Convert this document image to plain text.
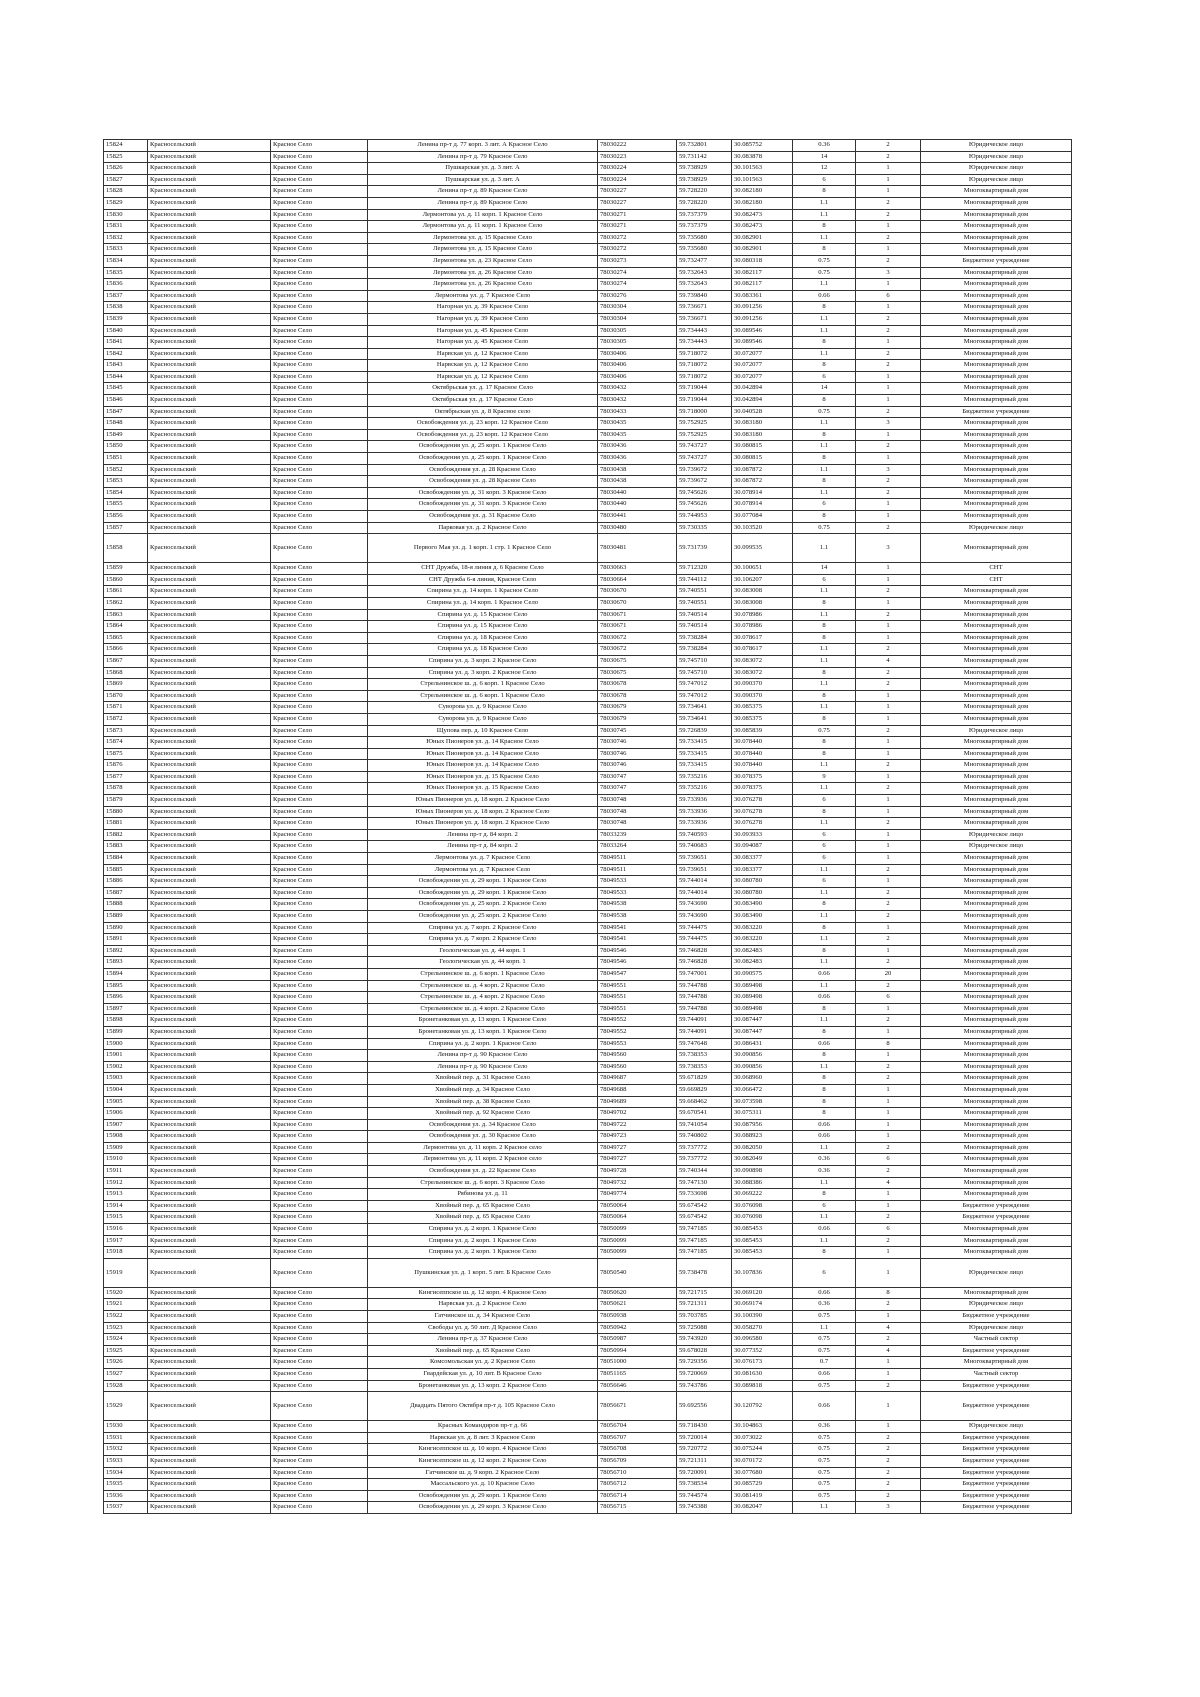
15824	Красносельский	Красное Село	Ленина пр-т д. 77 корп. 3 лит. А Красное Село	78030222	59.732801	30.085752	0.36	2	Юридическое лицо
15825	Красносельский	Красное Село	Ленина пр-т д. 79 Красное Село	78030223	59.731142	30.083878	14	2	Юридическое лицо
15826	Красносельский	Красное Село	Пушкарская ул. д. 3 лит. А	78030224	59.738929	30.101563	12	1	Юридическое лицо
15827	Красносельский	Красное Село	Пушкарская ул. д. 3 лит. А	78030224	59.738929	30.101563	6	1	Юридическое лицо
15828	Красносельский	Красное Село	Ленина пр-т д. 89 Красное Село	78030227	59.728220	30.082180	8	1	Многоквартирный дом
15829	Красносельский	Красное Село	Ленина пр-т д. 89 Красное Село	78030227	59.728220	30.082180	1.1	2	Многоквартирный дом
15830	Красносельский	Красное Село	Лермонтова ул. д. 11 корп. 1 Красное Село	78030271	59.737379	30.082473	1.1	2	Многоквартирный дом
15831	Красносельский	Красное Село	Лермонтова ул. д. 11 корп. 1 Красное Село	78030271	59.737379	30.082473	8	1	Многоквартирный дом
15832	Красносельский	Красное Село	Лермонтова ул. д. 15 Красное Село	78030272	59.735680	30.082901	1.1	2	Многоквартирный дом
15833	Красносельский	Красное Село	Лермонтова ул. д. 15 Красное Село	78030272	59.735680	30.082901	8	1	Многоквартирный дом
15834	Красносельский	Красное Село	Лермонтова ул. д. 23 Красное Село	78030273	59.732477	30.080318	0.75	2	Бюджетное учреждение
15835	Красносельский	Красное Село	Лермонтова ул. д. 26 Красное Село	78030274	59.732643	30.082117	0.75	3	Многоквартирный дом
15836	Красносельский	Красное Село	Лермонтова ул. д. 26 Красное Село	78030274	59.732643	30.082117	1.1	1	Многоквартирный дом
15837	Красносельский	Красное Село	Лермонтова ул. д. 7 Красное Село	78030276	59.739840	30.083361	0.66	6	Многоквартирный дом
15838	Красносельский	Красное Село	Нагорная ул. д. 39 Красное Село	78030304	59.736671	30.091256	8	1	Многоквартирный дом
15839	Красносельский	Красное Село	Нагорная ул. д. 39 Красное Село	78030304	59.736671	30.091256	1.1	2	Многоквартирный дом
15840	Красносельский	Красное Село	Нагорная ул. д. 45 Красное Село	78030305	59.734443	30.089546	1.1	2	Многоквартирный дом
15841	Красносельский	Красное Село	Нагорная ул. д. 45 Красное Село	78030305	59.734443	30.089546	8	1	Многоквартирный дом
15842	Красносельский	Красное Село	Нарвская ул. д. 12 Красное Село	78030406	59.718072	30.072077	1.1	2	Многоквартирный дом
15843	Красносельский	Красное Село	Нарвская ул. д. 12 Красное Село	78030406	59.718072	30.072077	8	2	Многоквартирный дом
15844	Красносельский	Красное Село	Нарвская ул. д. 12 Красное Село	78030406	59.718072	30.072077	6	1	Многоквартирный дом
15845	Красносельский	Красное Село	Октябрьская ул. д. 17 Красное Село	78030432	59.719044	30.042894	14	1	Многоквартирный дом
15846	Красносельский	Красное Село	Октябрьская ул. д. 17 Красное Село	78030432	59.719044	30.042894	8	1	Многоквартирный дом
15847	Красносельский	Красное Село	Октябрьская ул. д. 8 Красное село	78030433	59.718000	30.040528	0.75	2	Бюджетное учреждение
15848	Красносельский	Красное Село	Освобождения ул. д. 23 корп. 12 Красное Село	78030435	59.752925	30.083180	1.1	3	Многоквартирный дом
15849	Красносельский	Красное Село	Освобождения ул. д. 23 корп. 12 Красное Село	78030435	59.752925	30.083180	8	1	Многоквартирный дом
15850	Красносельский	Красное Село	Освобождения ул. д. 25 корп. 1 Красное Село	78030436	59.743727	30.080815	1.1	2	Многоквартирный дом
15851	Красносельский	Красное Село	Освобождения ул. д. 25 корп. 1 Красное Село	78030436	59.743727	30.080815	8	1	Многоквартирный дом
15852	Красносельский	Красное Село	Освобождения ул. д. 28 Красное Село	78030438	59.739672	30.087872	1.1	3	Многоквартирный дом
15853	Красносельский	Красное Село	Освобождения ул. д. 28 Красное Село	78030438	59.739672	30.087872	8	2	Многоквартирный дом
15854	Красносельский	Красное Село	Освобождения ул. д. 31 корп. 3 Красное Село	78030440	59.745626	30.078914	1.1	2	Многоквартирный дом
15855	Красносельский	Красное Село	Освобождения ул. д. 31 корп. 3 Красное Село	78030440	59.745626	30.078914	6	1	Многоквартирный дом
15856	Красносельский	Красное Село	Освобождения ул. д. 31 Красное Село	78030441	59.744953	30.077084	8	1	Многоквартирный дом
15857	Красносельский	Красное Село	Парковая ул. д. 2 Красное Село	78030480	59.730335	30.103520	0.75	2	Юридическое лицо
15858	Красносельский	Красное Село	Первого Мая ул. д. 1 корп. 1 стр. 1 Красное Село	78030481	59.731739	30.099535	1.1	3	Многоквартирный дом
15859	Красносельский	Красное Село	СНТ Дружба, 18-я линия д. 6 Красное Село	78030663	59.712320	30.100651	14	1	СНТ
15860	Красносельский	Красное Село	СНТ Дружба 6-я линия, Красное Село	78030664	59.744112	30.106207	6	1	СНТ
15861	Красносельский	Красное Село	Спирина ул. д. 14 корп. 1 Красное Село	78030670	59.740551	30.083008	1.1	2	Многоквартирный дом
15862	Красносельский	Красное Село	Спирина ул. д. 14 корп. 1 Красное Село	78030670	59.740551	30.083008	8	1	Многоквартирный дом
15863	Красносельский	Красное Село	Спирина ул. д. 15 Красное Село	78030671	59.740514	30.078986	1.1	2	Многоквартирный дом
15864	Красносельский	Красное Село	Спирина ул. д. 15 Красное Село	78030671	59.740514	30.078986	8	1	Многоквартирный дом
15865	Красносельский	Красное Село	Спирина ул. д. 18 Красное Село	78030672	59.738284	30.078617	8	1	Многоквартирный дом
15866	Красносельский	Красное Село	Спирина ул. д. 18 Красное Село	78030672	59.738284	30.078617	1.1	2	Многоквартирный дом
15867	Красносельский	Красное Село	Спирина ул. д. 3 корп. 2 Красное Село	78030675	59.745710	30.083072	1.1	4	Многоквартирный дом
15868	Красносельский	Красное Село	Спирина ул. д. 3 корп. 2 Красное Село	78030675	59.745710	30.083072	8	2	Многоквартирный дом
15869	Красносельский	Красное Село	Стрельнинское ш. д. 6 корп. 1 Красное Село	78030678	59.747012	30.090370	1.1	2	Многоквартирный дом
15870	Красносельский	Красное Село	Стрельнинское ш. д. 6 корп. 1 Красное Село	78030678	59.747012	30.090370	8	1	Многоквартирный дом
15871	Красносельский	Красное Село	Суворова ул. д. 9 Красное Село	78030679	59.734641	30.085375	1.1	1	Многоквартирный дом
15872	Красносельский	Красное Село	Суворова ул. д. 9 Красное Село	78030679	59.734641	30.085375	8	1	Многоквартирный дом
15873	Красносельский	Красное Село	Щупова пер. д. 10 Красное Село	78030745	59.726839	30.085839	0.75	2	Юридическое лицо
15874	Красносельский	Красное Село	Юных Пионеров ул. д. 14 Красное Село	78030746	59.733415	30.078440	8	1	Многоквартирный дом
15875	Красносельский	Красное Село	Юных Пионеров ул. д. 14 Красное Село	78030746	59.733415	30.078440	8	1	Многоквартирный дом
15876	Красносельский	Красное Село	Юных Пионеров ул. д. 14 Красное Село	78030746	59.733415	30.078440	1.1	2	Многоквартирный дом
15877	Красносельский	Красное Село	Юных Пионеров ул. д. 15 Красное Село	78030747	59.735216	30.078375	9	1	Многоквартирный дом
15878	Красносельский	Красное Село	Юных Пионеров ул. д. 15 Красное Село	78030747	59.735216	30.078375	1.1	2	Многоквартирный дом
15879	Красносельский	Красное Село	Юных Пионеров ул. д. 18 корп. 2 Красное Село	78030748	59.733936	30.076278	6	1	Многоквартирный дом
15880	Красносельский	Красное Село	Юных Пионеров ул. д. 18 корп. 2 Красное Село	78030748	59.733936	30.076278	8	1	Многоквартирный дом
15881	Красносельский	Красное Село	Юных Пионеров ул. д. 18 корп. 2 Красное Село	78030748	59.733936	30.076278	1.1	2	Многоквартирный дом
15882	Красносельский	Красное Село	Ленина пр-т д. 84 корп. 2	78033239	59.740593	30.093933	6	1	Юридическое лицо
15883	Красносельский	Красное Село	Ленина пр-т д. 84 корп. 2	78033264	59.740683	30.094087	6	1	Юридическое лицо
15884	Красносельский	Красное Село	Лермонтова ул. д. 7 Красное Село	78049511	59.739651	30.083377	6	1	Многоквартирный дом
15885	Красносельский	Красное Село	Лермонтова ул. д. 7 Красное Село	78049511	59.739651	30.083377	1.1	2	Многоквартирный дом
15886	Красносельский	Красное Село	Освобождения ул. д. 29 корп. 1 Красное Село	78049533	59.744014	30.080780	6	1	Многоквартирный дом
15887	Красносельский	Красное Село	Освобождения ул. д. 29 корп. 1 Красное Село	78049533	59.744014	30.080780	1.1	2	Многоквартирный дом
15888	Красносельский	Красное Село	Освобождения ул. д. 25 корп. 2 Красное Село	78049538	59.743690	30.083490	8	2	Многоквартирный дом
15889	Красносельский	Красное Село	Освобождения ул. д. 25 корп. 2 Красное Село	78049538	59.743690	30.083490	1.1	2	Многоквартирный дом
15890	Красносельский	Красное Село	Спирина ул. д. 7 корп. 2 Красное Село	78049541	59.744475	30.083220	8	1	Многоквартирный дом
15891	Красносельский	Красное Село	Спирина ул. д. 7 корп. 2 Красное Село	78049541	59.744475	30.083220	1.1	2	Многоквартирный дом
15892	Красносельский	Красное Село	Геологическая ул. д. 44 корп. 1	78049546	59.746828	30.082483	8	1	Многоквартирный дом
15893	Красносельский	Красное Село	Геологическая ул. д. 44 корп. 1	78049546	59.746828	30.082483	1.1	2	Многоквартирный дом
15894	Красносельский	Красное Село	Стрельнинское ш. д. 6 корп. 1 Красное Село	78049547	59.747001	30.090575	0.66	20	Многоквартирный дом
15895	Красносельский	Красное Село	Стрельнинское ш. д. 4 корп. 2 Красное Село	78049551	59.744788	30.089498	1.1	2	Многоквартирный дом
15896	Красносельский	Красное Село	Стрельнинское ш. д. 4 корп. 2 Красное Село	78049551	59.744788	30.089498	0.66	6	Многоквартирный дом
15897	Красносельский	Красное Село	Стрельнинское ш. д. 4 корп. 2 Красное Село	78049551	59.744788	30.089498	8	1	Многоквартирный дом
15898	Красносельский	Красное Село	Бронетанковая ул. д. 13 корп. 1 Красное Село	78049552	59.744091	30.087447	1.1	2	Многоквартирный дом
15899	Красносельский	Красное Село	Бронетанковая ул. д. 13 корп. 1 Красное Село	78049552	59.744091	30.087447	8	1	Многоквартирный дом
15900	Красносельский	Красное Село	Спирина ул. д. 2 корп. 1 Красное Село	78049553	59.747648	30.086431	0.66	8	Многоквартирный дом
15901	Красносельский	Красное Село	Ленина пр-т д. 90 Красное Село	78049560	59.738353	30.090856	8	1	Многоквартирный дом
15902	Красносельский	Красное Село	Ленина пр-т д. 90 Красное Село	78049560	59.738353	30.090856	1.1	2	Многоквартирный дом
15903	Красносельский	Красное Село	Хвойный пер. д. 31 Красное Село	78049687	59.671829	30.068960	8	2	Многоквартирный дом
15904	Красносельский	Красное Село	Хвойный пер. д. 34 Красное Село	78049688	59.669829	30.066472	8	1	Многоквартирный дом
15905	Красносельский	Красное Село	Хвойный пер. д. 38 Красное Село	78049689	59.668462	30.073598	8	1	Многоквартирный дом
15906	Красносельский	Красное Село	Хвойный пер. д. 92 Красное Село	78049702	59.670541	30.075311	8	1	Многоквартирный дом
15907	Красносельский	Красное Село	Освобождения ул. д. 34 Красное Село	78049722	59.741054	30.087956	0.66	1	Многоквартирный дом
15908	Красносельский	Красное Село	Освобождения ул. д. 30 Красное Село	78049723	59.740802	30.088923	0.66	1	Многоквартирный дом
15909	Красносельский	Красное Село	Лермонтова ул. д. 11 корп. 2 Красное село	78049727	59.737772	30.082050	1.1	2	Многоквартирный дом
15910	Красносельский	Красное Село	Лермонтова ул. д. 11 корп. 2 Красное село	78049727	59.737772	30.082049	0.36	6	Многоквартирный дом
15911	Красносельский	Красное Село	Освобождения ул. д. 22 Красное Село	78049728	59.740344	30.090898	0.36	2	Многоквартирный дом
15912	Красносельский	Красное Село	Стрельнинское ш. д. 6 корп. 3 Красное Село	78049732	59.747130	30.088386	1.1	4	Многоквартирный дом
15913	Красносельский	Красное Село	Рябинова ул. д. 11	78049774	59.733698	30.069222	8	1	Многоквартирный дом
15914	Красносельский	Красное Село	Хвойный пер. д. 65 Красное Село	78050064	59.674542	30.076098	6	1	Бюджетное учреждение
15915	Красносельский	Красное Село	Хвойный пер. д. 65 Красное Село	78050064	59.674542	30.076098	1.1	2	Бюджетное учреждение
15916	Красносельский	Красное Село	Спирина ул. д. 2 корп. 1 Красное Село	78050099	59.747185	30.085453	0.66	6	Многоквартирный дом
15917	Красносельский	Красное Село	Спирина ул. д. 2 корп. 1 Красное Село	78050099	59.747185	30.085453	1.1	2	Многоквартирный дом
15918	Красносельский	Красное Село	Спирина ул. д. 2 корп. 1 Красное Село	78050099	59.747185	30.085453	8	1	Многоквартирный дом
15919	Красносельский	Красное Село	Пушкинская ул. д. 1 корп. 5 лит. Б Красное Село	78050540	59.738478	30.107836	6	1	Юридическое лицо
15920	Красносельский	Красное Село	Кингисеппское ш. д. 12 корп. 4 Красное Село	78050620	59.721715	30.069120	0.66	8	Многоквартирный дом
15921	Красносельский	Красное Село	Нарвская ул. д. 2 Красное Село	78050621	59.721311	30.069174	0.36	2	Юридическое лицо
15922	Красносельский	Красное Село	Гатчинское ш. д. 34 Красное Село	78050938	59.703785	30.100390	0.75	1	Бюджетное учреждение
15923	Красносельский	Красное Село	Свободы ул. д. 50 лит. Д Красное Село	78050942	59.725088	30.058270	1.1	4	Юридическое лицо
15924	Красносельский	Красное Село	Ленина пр-т д. 37 Красное Село	78050987	59.743920	30.096580	0.75	2	Частный сектор
15925	Красносельский	Красное Село	Хвойный пер. д. 65 Красное Село	78050994	59.678028	30.077352	0.75	4	Бюджетное учреждение
15926	Красносельский	Красное Село	Комсомольская ул. д. 2 Красное Село	78051000	59.729356	30.076173	0.7	1	Многоквартирный дом
15927	Красносельский	Красное Село	Гвардейская ул. д. 10 лит. В Красное Село	78051165	59.720069	30.081630	0.66	1	Частный сектор
15928	Красносельский	Красное Село	Бронетанковая ул. д. 13 корп. 2 Красное Село	78056646	59.743786	30.089818	0.75	2	Бюджетное учреждение
15929	Красносельский	Красное Село	Двадцать Пятого Октября пр-т д. 105 Красное Село	78056671	59.692556	30.120792	0.66	1	Бюджетное учреждение
15930	Красносельский	Красное Село	Красных Командиров пр-т д. 66	78056704	59.718430	30.104863	0.36	1	Юридическое лицо
15931	Красносельский	Красное Село	Нарвская ул. д. 8 лит. З Красное Село	78056707	59.720014	30.073022	0.75	2	Бюджетное учреждение
15932	Красносельский	Красное Село	Кингисеппское ш. д. 10 корп. 4 Красное Село	78056708	59.720772	30.075244	0.75	2	Бюджетное учреждение
15933	Красносельский	Красное Село	Кингисеппское ш. д. 12 корп. 2 Красное Село	78056709	59.721311	30.070172	0.75	2	Бюджетное учреждение
15934	Красносельский	Красное Село	Гатчинское ш. д. 9 корп. 2 Красное Село	78056710	59.720091	30.077680	0.75	2	Бюджетное учреждение
15935	Красносельский	Красное Село	Массальского ул. д. 10 Красное Село	78056712	59.738534	30.085729	0.75	2	Бюджетное учреждение
15936	Красносельский	Красное Село	Освобождения ул. д. 29 корп. 1 Красное Село	78056714	59.744574	30.081419	0.75	2	Бюджетное учреждение
15937	Красносельский	Красное Село	Освобождения ул. д. 29 корп. 3 Красное Село	78056715	59.745388	30.082047	1.1	3	Бюджетное учреждение
